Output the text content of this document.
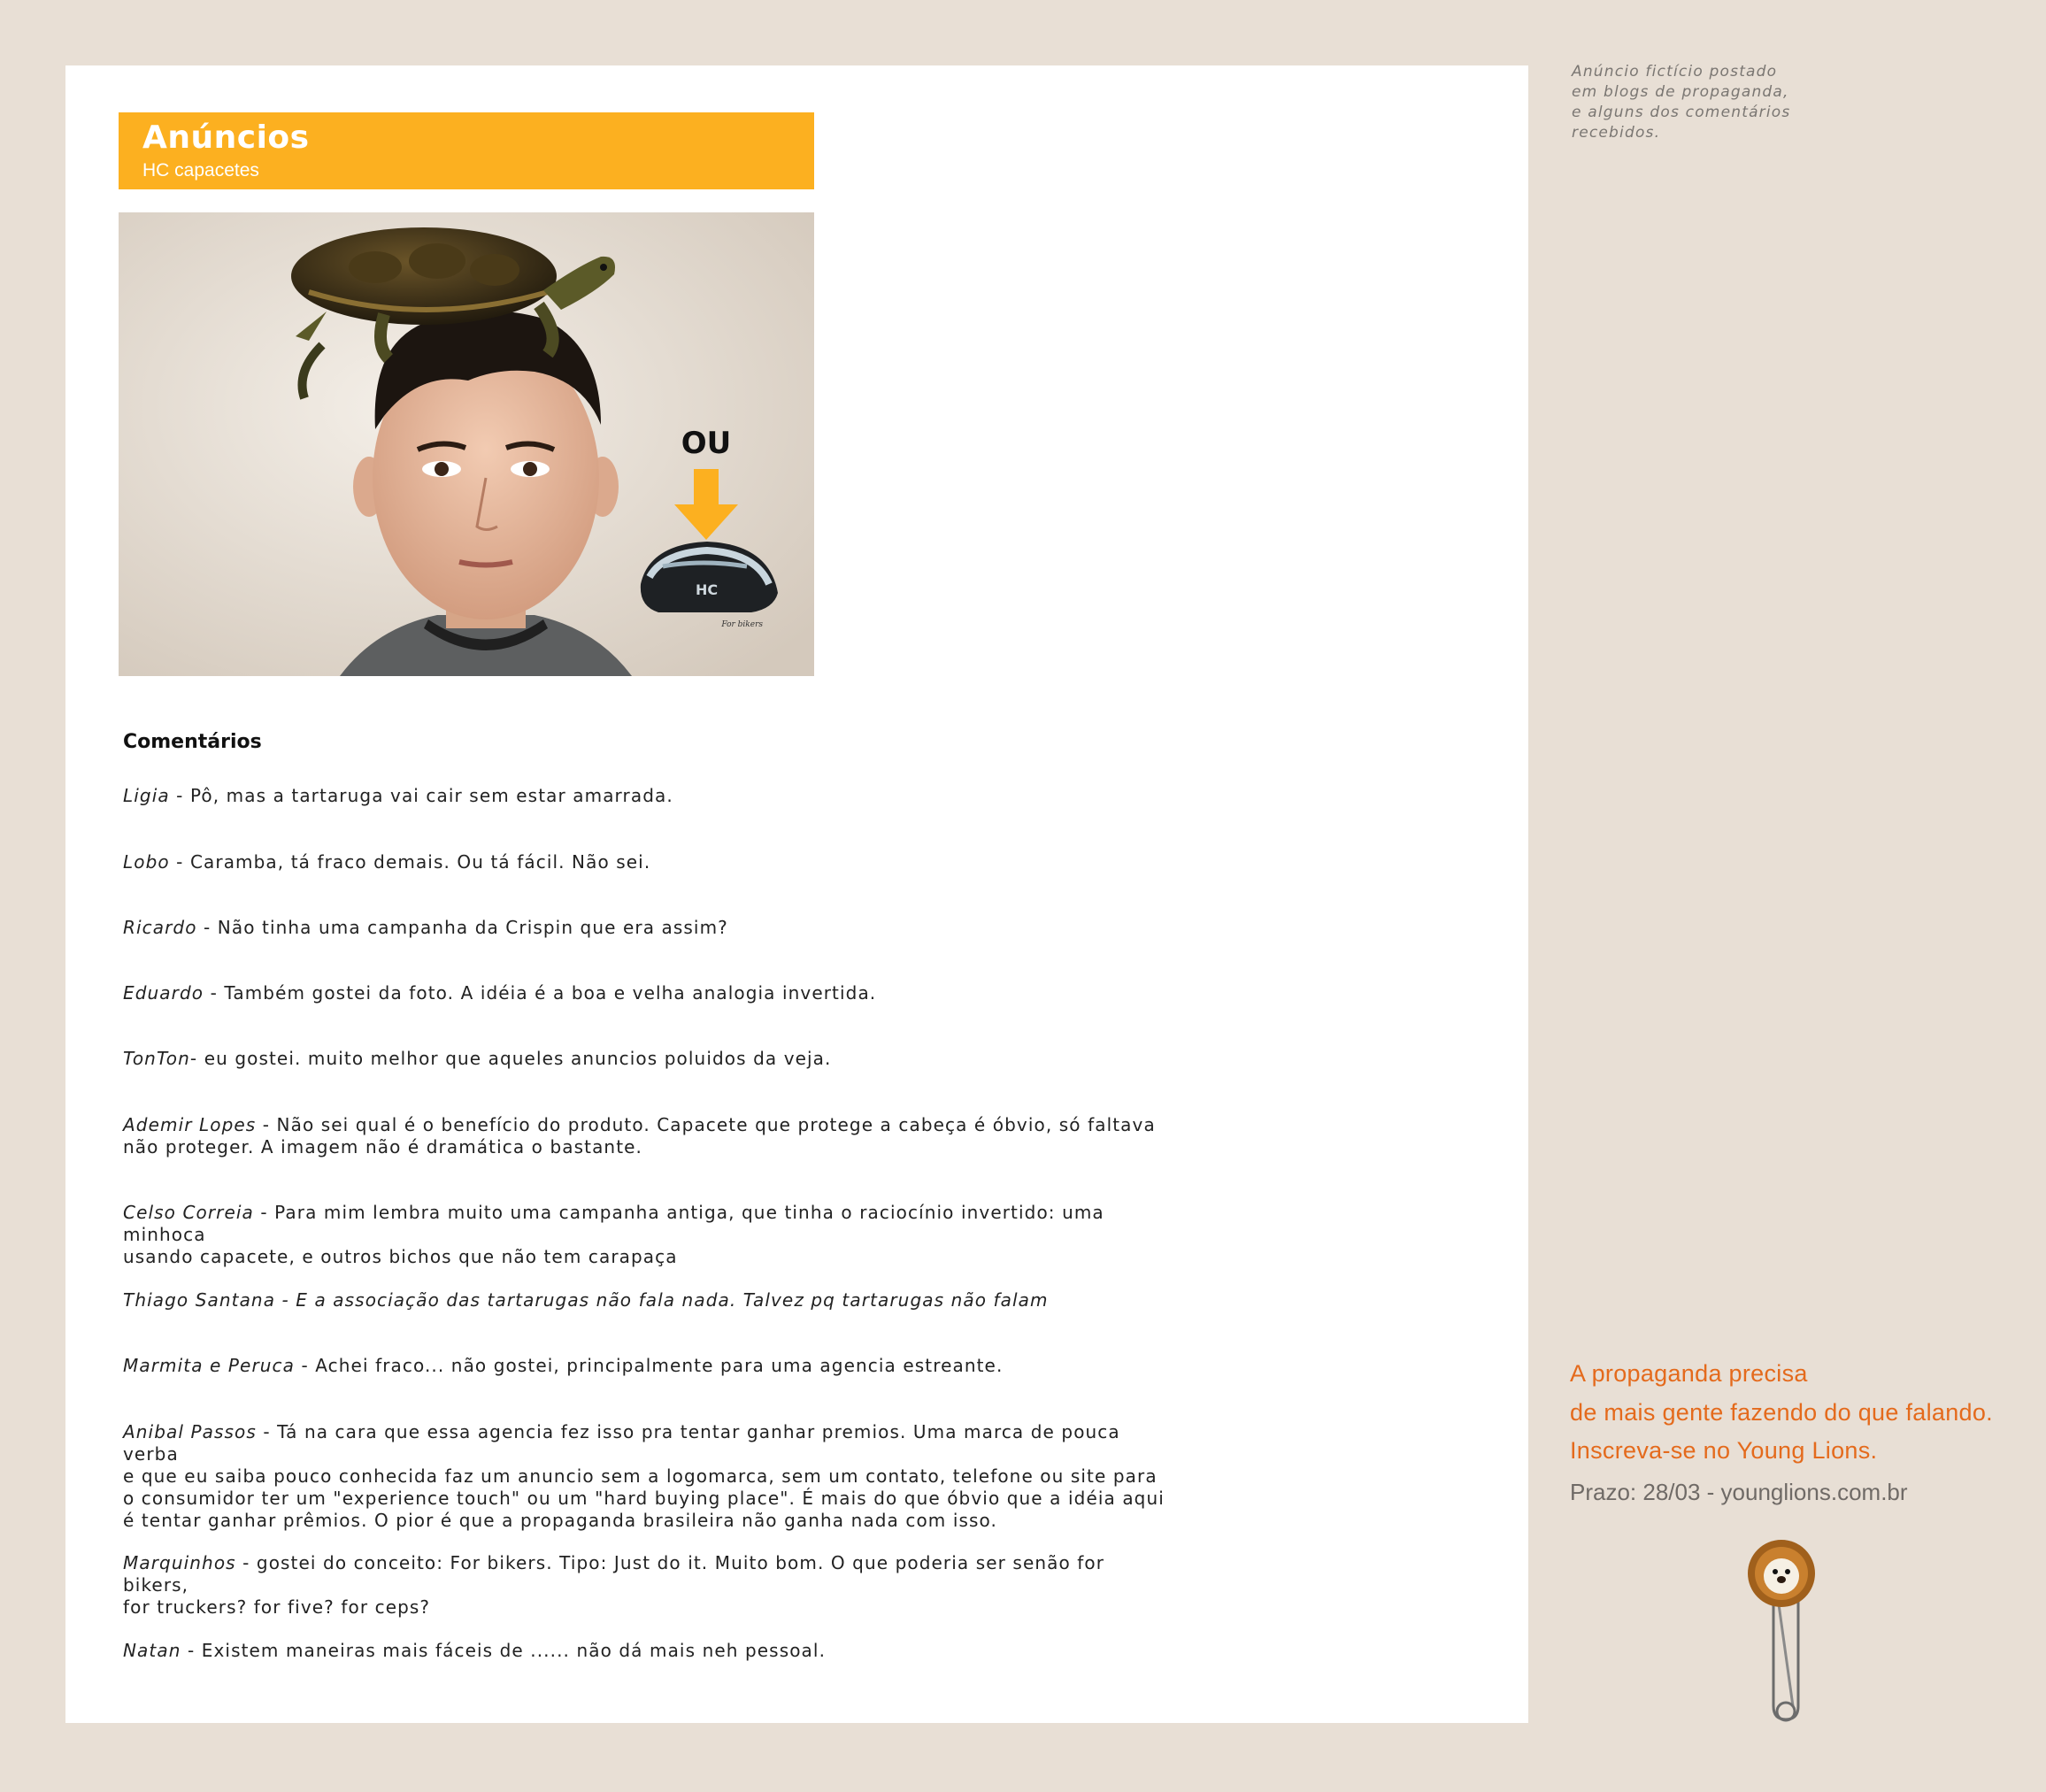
Anúncio fictício postado
em blogs de propaganda,
e alguns dos comentários
recebidos.
Anúncios
HC capacetes
OU
HC
For bikers
Comentários
Ligia - Pô, mas a tartaruga vai cair sem estar amarrada.
Lobo - Caramba, tá fraco demais. Ou tá fácil. Não sei.
Ricardo - Não tinha uma campanha da Crispin que era assim?
Eduardo - Também gostei da foto. A idéia é a boa e velha analogia invertida.
TonTon- eu gostei. muito melhor que aqueles anuncios poluidos da veja.
Ademir Lopes - Não sei qual é o benefício do produto. Capacete que protege a cabeça é óbvio, só faltava
não proteger. A imagem não é dramática o bastante.
Celso Correia - Para mim lembra muito uma campanha antiga, que tinha o raciocínio invertido: uma minhoca
usando capacete, e outros bichos que não tem carapaça
Thiago Santana - E a associação das tartarugas não fala nada. Talvez pq tartarugas não falam
Marmita e Peruca - Achei fraco... não gostei, principalmente para uma agencia estreante.
Anibal Passos - Tá na cara que essa agencia fez isso pra tentar ganhar premios. Uma marca de pouca verba
e que eu saiba pouco conhecida faz um anuncio sem a logomarca, sem um contato, telefone ou site para
o consumidor ter um "experience touch" ou um "hard buying place". É mais do que óbvio que a idéia aqui
é tentar ganhar prêmios. O pior é que a propaganda brasileira não ganha nada com isso.
Marquinhos - gostei do conceito: For bikers. Tipo: Just do it. Muito bom. O que poderia ser senão for bikers,
for truckers? for five? for ceps?
Natan - Existem maneiras mais fáceis de ...... não dá mais neh pessoal.
A propaganda precisa
de mais gente fazendo do que falando.
Inscreva-se no Young Lions.
Prazo: 28/03 - younglions.com.br
